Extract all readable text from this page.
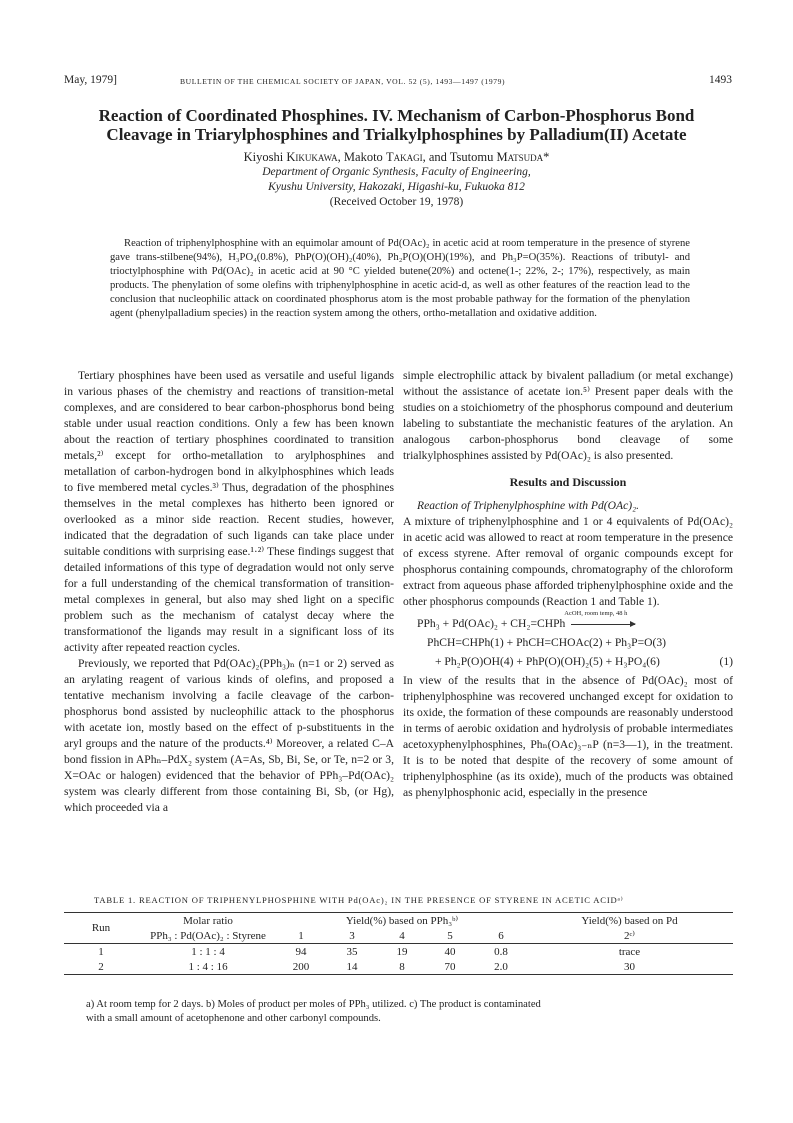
May, 1979]	BULLETIN OF THE CHEMICAL SOCIETY OF JAPAN, VOL. 52 (5), 1493—1497 (1979)	1493
Reaction of Coordinated Phosphines. IV. Mechanism of Carbon-Phosphorus Bond Cleavage in Triarylphosphines and Trialkylphosphines by Palladium(II) Acetate
Kiyoshi Kikukawa, Makoto Takagi, and Tsutomu Matsuda*
Department of Organic Synthesis, Faculty of Engineering,
Kyushu University, Hakozaki, Higashi-ku, Fukuoka 812
(Received October 19, 1978)

Reaction of triphenylphosphine with an equimolar amount of Pd(OAc)₂ in acetic acid at room temperature in the presence of styrene gave trans-stilbene(94%), H₃PO₄(0.8%), PhP(O)(OH)₂(40%), Ph₂P(O)(OH)(19%), and Ph₃P=O(35%). Reactions of tributyl- and trioctylphosphine with Pd(OAc)₂ in acetic acid at 90 °C yielded butene(20%) and octene(1-; 22%, 2-; 17%), respectively, as main products. The phenylation of some olefins with triphenylphosphine in acetic acid-d, as well as other features of the reaction lead to the conclusion that nucleophilic attack on coordinated phosphorus atom is the most probable pathway for the formation of the phenylation agent (phenylpalladium species) in the reaction system among the others, ortho-metallation and oxidative addition.

Tertiary phosphines have been used as versatile and useful ligands in various phases of the chemistry and reactions of transition-metal complexes, and are considered to bear carbon-phosphorus bond being stable under usual reaction conditions. Only a few has been known about the reaction of tertiary phosphines coordinated to transition metals,²⁾ except for ortho-metallation to arylphosphines and metallation of carbon-hydrogen bond in alkylphosphines which leads to five membered metal cycles.³⁾ Thus, degradation of the phosphines themselves in the metal complexes has hitherto been ignored or overlooked as a minor side reaction. Recent studies, however, indicated that the degradation of such ligands can take place under suitable conditions with surprising ease.¹·²⁾ These findings suggest that detailed informations of this type of degradation would not only serve for a full understanding of the chemical transformation of transition-metal complexes in general, but also may shed light on a specific problem such as the mechanism of catalyst decay where the transformationof the ligands may result in a significant loss of its activity after repeated reaction cycles.

Previously, we reported that Pd(OAc)₂(PPh₃)ₙ (n=1 or 2) served as an arylating reagent of various kinds of olefins, and proposed a tentative mechanism involving a facile cleavage of the carbon-phosphorus bond assisted by nucleophilic attack to the phosphorus with acetate ion, mostly based on the effect of p-substituents in the aryl groups and the nature of the products.⁴⁾ Moreover, a related C–A bond fission in APhₙ–PdX₂ system (A=As, Sb, Bi, Se, or Te, n=2 or 3, X=OAc or halogen) evidenced that the behavior of PPh₃–Pd(OAc)₂ system was clearly different from those containing Bi, Sb, (or Hg), which proceeded via a

simple electrophilic attack by bivalent palladium (or metal exchange) without the assistance of acetate ion.⁵⁾ Present paper deals with the studies on a stoichiometry of the phosphorus compound and deuterium labeling to substantiate the mechanistic features of the arylation. An analogous carbon-phosphorus bond cleavage of some trialkylphosphines assisted by Pd(OAc)₂ is also presented.

Results and Discussion

Reaction of Triphenylphosphine with Pd(OAc)₂.

A mixture of triphenylphosphine and 1 or 4 equivalents of Pd(OAc)₂ in acetic acid was allowed to react at room temperature in the presence of excess styrene. After removal of organic compounds except for phosphorus containing compounds, chromatography of the chloroform extract from aqueous phase afforded triphenylphosphine oxide and the other phosphorus compounds (Reaction 1 and Table 1).

PPh₃ + Pd(OAc)₂ + CH₂=CHPh
AcOH, room temp, 48 h
PhCH=CHPh(1) + PhCH=CHOAc(2) + Ph₃P=O(3)
+ Ph₂P(O)OH(4) + PhP(O)(OH)₂(5) + H₃PO₄(6)	(1)

In view of the results that in the absence of Pd(OAc)₂ most of triphenylphosphine was recovered unchanged except for oxidation to its oxide, the formation of these compounds are reasonably understood in terms of aerobic oxidation and hydrolysis of probable intermediates acetoxyphenylphosphines, Phₙ(OAc)₃₋ₙP (n=3—1), in the treatment. It is to be noted that despite of the recovery of some amount of triphenylphosphine (as its oxide), much of the products was obtained as phenylphosphonic acid, especially in the presence

TABLE 1. REACTION OF TRIPHENYLPHOSPHINE WITH Pd(OAc)₂ IN THE PRESENCE OF STYRENE IN ACETIC ACIDᵃ⁾
Run	Molar ratio	Yield(%) based on PPh₃ᵇ⁾					Yield(%) based on Pd
	PPh₃ : Pd(OAc)₂ : Styrene	1	3	4	5	6	2ᶜ⁾
1	1 : 1 : 4	94	35	19	40	0.8	trace
2	1 : 4 : 16	200	14	8	70	2.0	30

a) At room temp for 2 days. b) Moles of product per moles of PPh₃ utilized. c) The product is contaminated

with a small amount of acetophenone and other carbonyl compounds.
